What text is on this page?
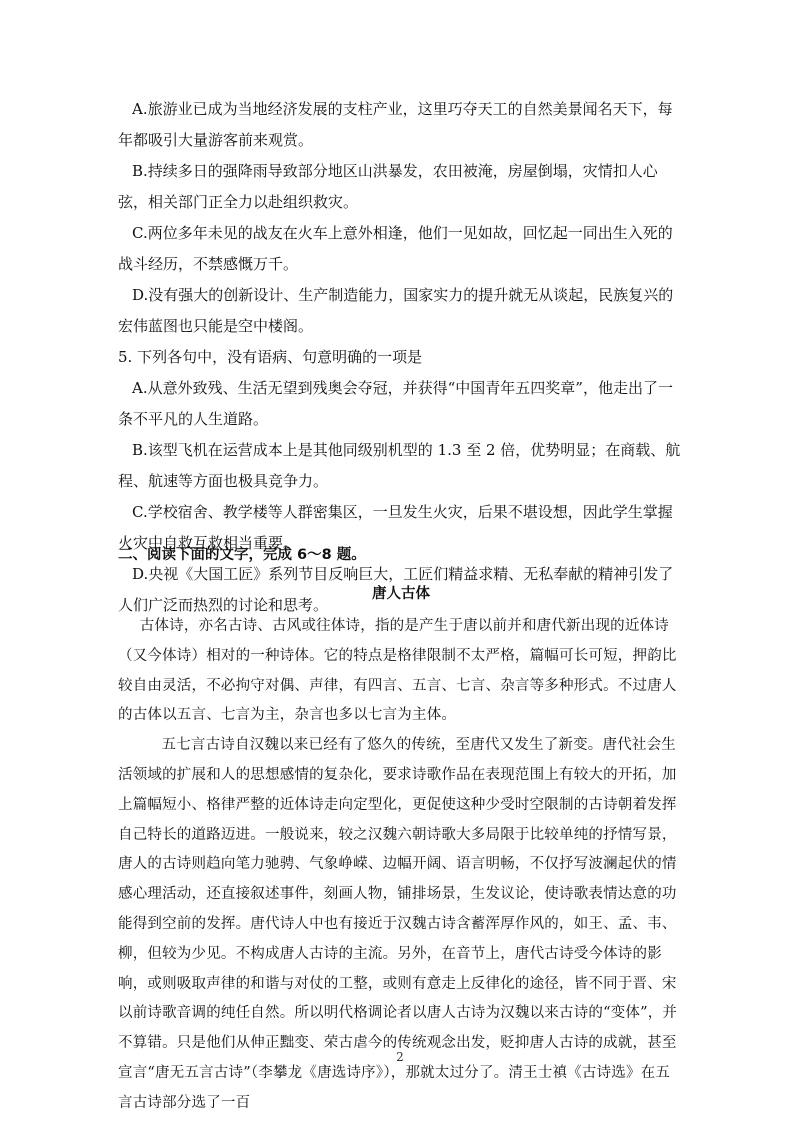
A.旅游业已成为当地经济发展的支柱产业，这里巧夺天工的自然美景闻名天下，每年都吸引大量游客前来观赏。

B.持续多日的强降雨导致部分地区山洪暴发，农田被淹，房屋倒塌，灾情扣人心弦，相关部门正全力以赴组织救灾。

C.两位多年未见的战友在火车上意外相逢，他们一见如故，回忆起一同出生入死的战斗经历，不禁感慨万千。

D.没有强大的创新设计、生产制造能力，国家实力的提升就无从谈起，民族复兴的宏伟蓝图也只能是空中楼阁。

5. 下列各句中，没有语病、句意明确的一项是

A.从意外致残、生活无望到残奥会夺冠，并获得“中国青年五四奖章”，他走出了一条不平凡的人生道路。

B.该型飞机在运营成本上是其他同级别机型的 1.3 至 2 倍，优势明显；在商载、航程、航速等方面也极具竞争力。

C.学校宿舍、教学楼等人群密集区，一旦发生火灾，后果不堪设想，因此学生掌握火灾中自救互救相当重要。

D.央视《大国工匠》系列节目反响巨大，工匠们精益求精、无私奉献的精神引发了人们广泛而热烈的讨论和思考。

二、阅读下面的文字，完成 6～8 题。

唐人古体

古体诗，亦名古诗、古风或往体诗，指的是产生于唐以前并和唐代新出现的近体诗（又今体诗）相对的一种诗体。它的特点是格律限制不太严格，篇幅可长可短，押韵比较自由灵活，不必拘守对偶、声律，有四言、五言、七言、杂言等多种形式。不过唐人的古体以五言、七言为主，杂言也多以七言为主体。

五七言古诗自汉魏以来已经有了悠久的传统，至唐代又发生了新变。唐代社会生活领域的扩展和人的思想感情的复杂化，要求诗歌作品在表现范围上有较大的开拓，加上篇幅短小、格律严整的近体诗走向定型化，更促使这种少受时空限制的古诗朝着发挥自己特长的道路迈进。一般说来，较之汉魏六朝诗歌大多局限于比较单纯的抒情写景，唐人的古诗则趋向笔力驰骋、气象峥嵘、边幅开阔、语言明畅，不仅抒写波澜起伏的情感心理活动，还直接叙述事件，刻画人物，铺排场景，生发议论，使诗歌表情达意的功能得到空前的发挥。唐代诗人中也有接近于汉魏古诗含蓄浑厚作风的，如王、孟、韦、柳，但较为少见。不构成唐人古诗的主流。另外，在音节上，唐代古诗受今体诗的影响，或则吸取声律的和谐与对仗的工整，或则有意走上反律化的途径，皆不同于晋、宋以前诗歌音调的纯任自然。所以明代格调论者以唐人古诗为汉魏以来古诗的“变体”，并不算错。只是他们从伸正黜变、荣古虐今的传统观念出发，贬抑唐人古诗的成就，甚至宣言“唐无五言古诗”（李攀龙《唐选诗序》），那就太过分了。清王士禛《古诗选》在五言古诗部分选了一百

2
